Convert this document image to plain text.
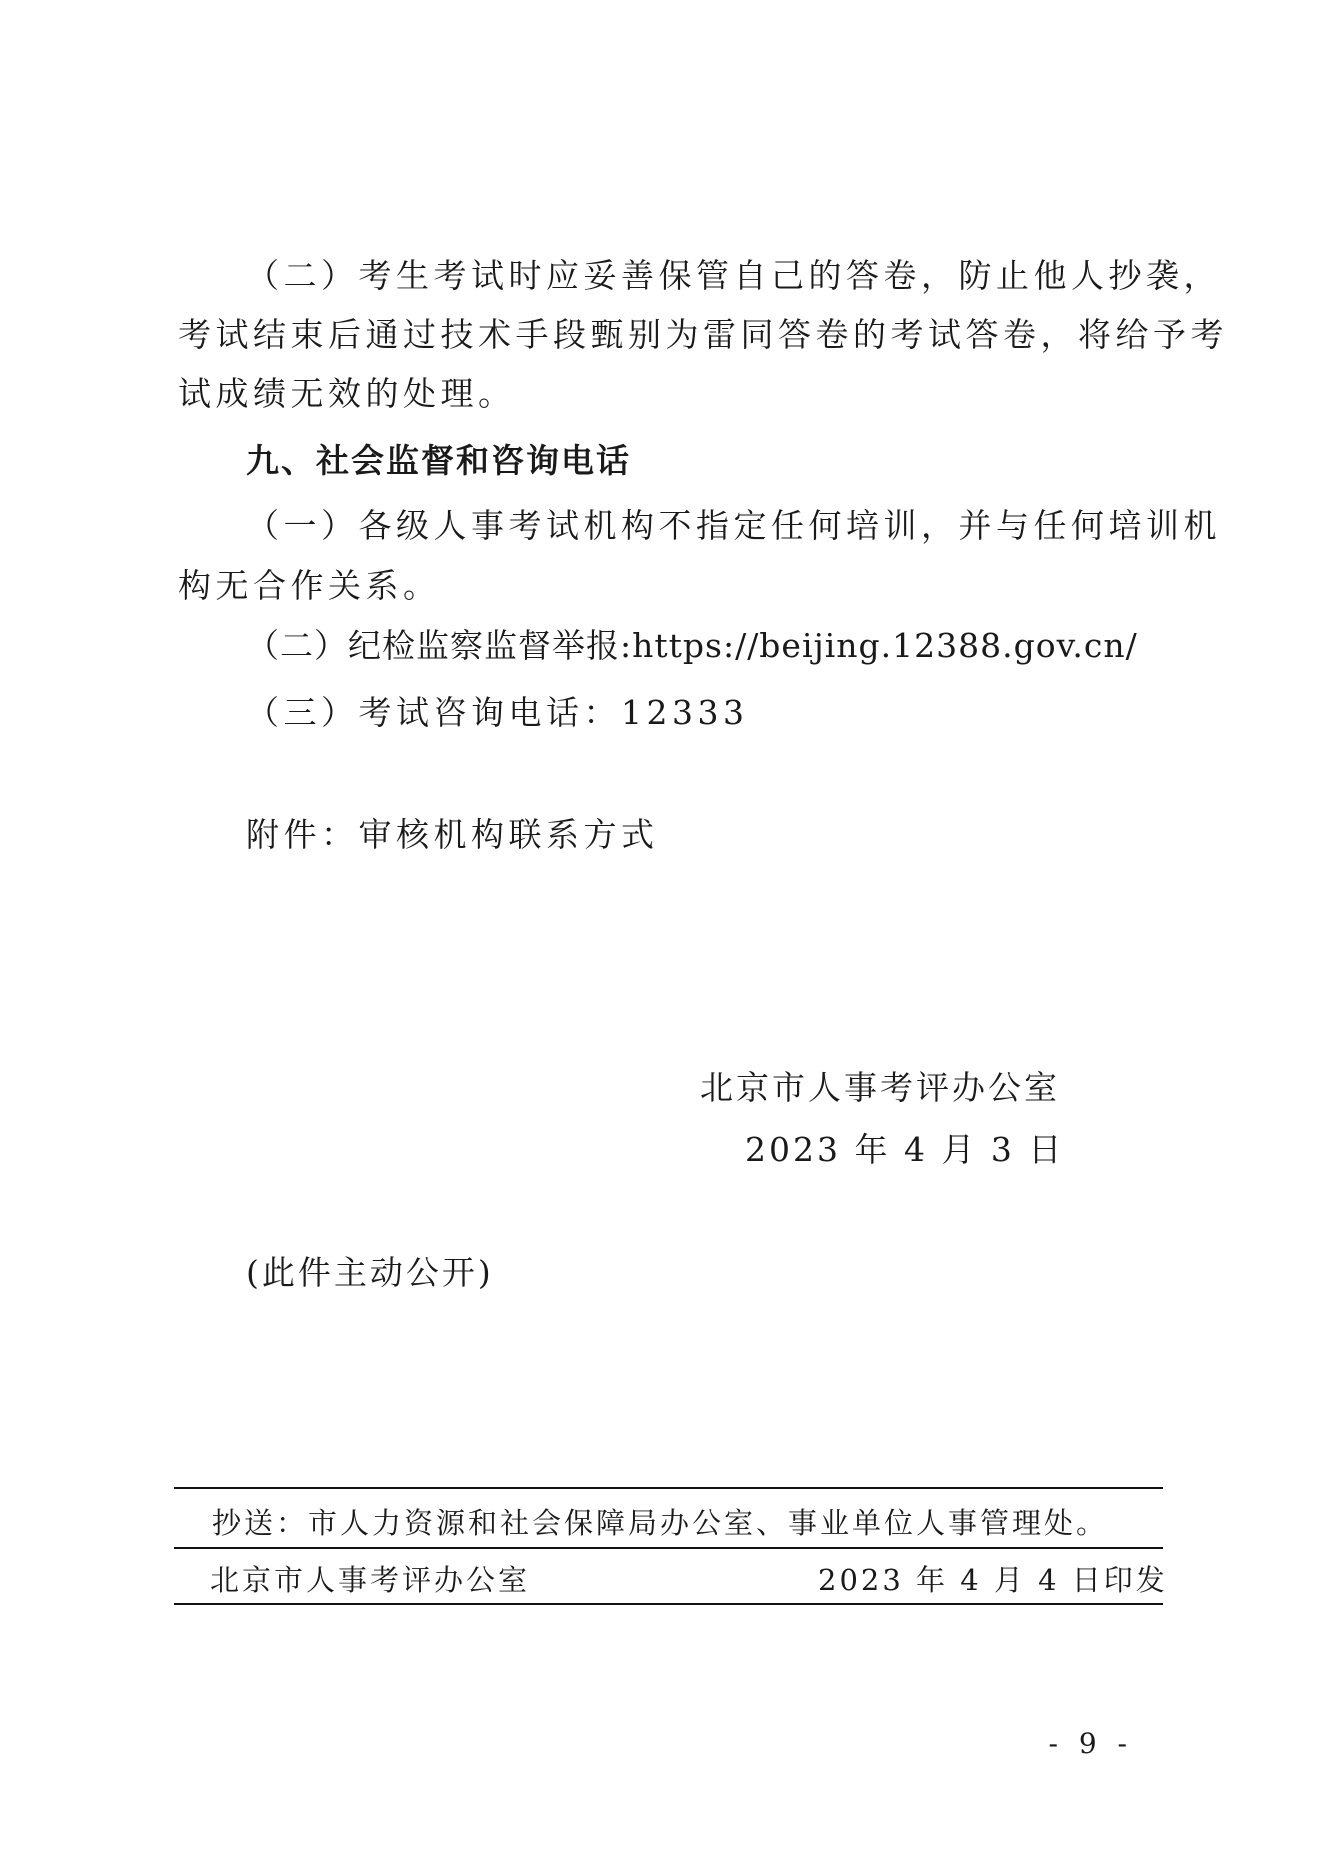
（二）考生考试时应妥善保管自己的答卷，防止他人抄袭，
考试结束后通过技术手段甄别为雷同答卷的考试答卷，将给予考
试成绩无效的处理。
九、社会监督和咨询电话
（一）各级人事考试机构不指定任何培训，并与任何培训机
构无合作关系。
（二）纪检监察监督举报:https://beijing.12388.gov.cn/
（三）考试咨询电话：12333
附件：审核机构联系方式
北京市人事考评办公室
2023 年 4 月 3 日
(此件主动公开)
抄送：市人力资源和社会保障局办公室、事业单位人事管理处。
北京市人事考评办公室	2023 年 4 月 4 日印发
- 9 -
